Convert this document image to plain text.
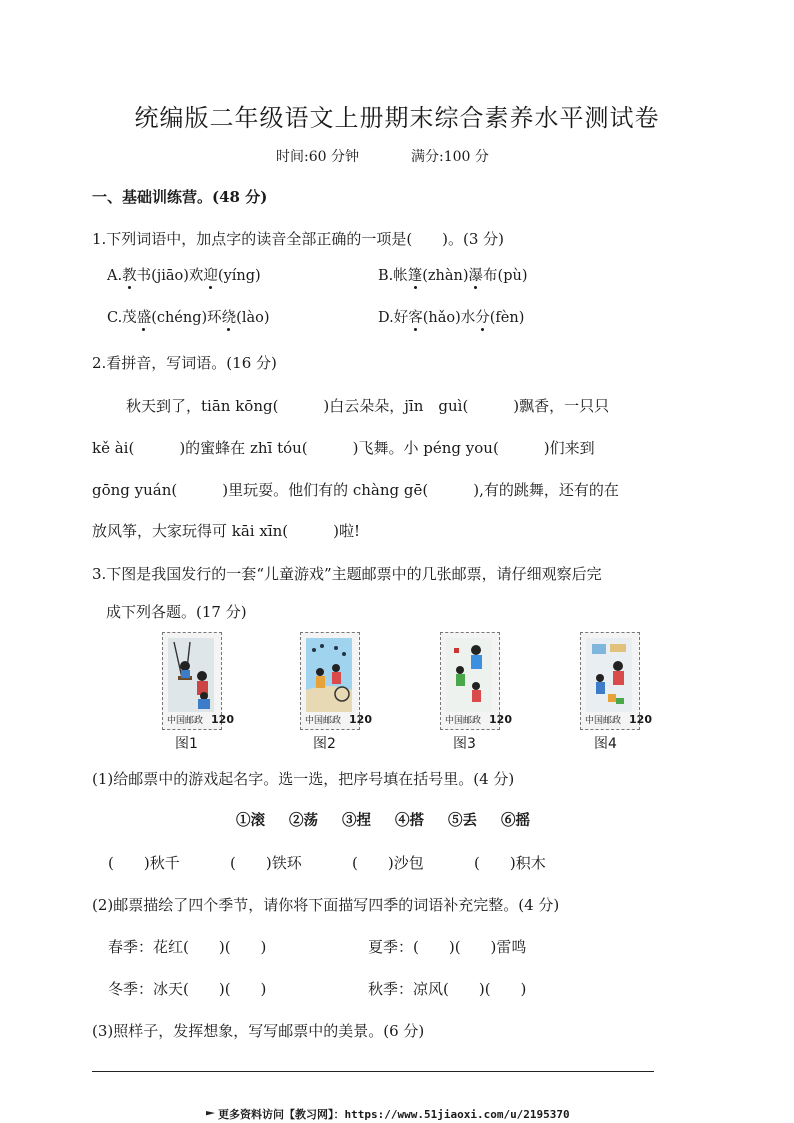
统编版二年级语文上册期末综合素养水平测试卷
时间:60 分钟	满分:100 分
一、基础训练营。(48 分)
1.下列词语中，加点字的读音全部正确的一项是(　　)。(3 分)
A.教书(jiāo)欢迎(yíng)	B.帐篷(zhàn)瀑布(pù)
C.茂盛(chéng)环绕(lào)	D.好客(hǎo)水分(fèn)
2.看拼音，写词语。(16 分)
秋天到了，tiān kōng(　　　)白云朵朵，jīn　guì(　　　)飘香，一只只
kě ài(　　　)的蜜蜂在 zhī tóu(　　　)飞舞。小 péng you(　　　)们来到
gōng yuán(　　　)里玩耍。他们有的 chàng gē(　　　),有的跳舞，还有的在
放风筝，大家玩得可 kāi xīn(　　　)啦!
3.下图是我国发行的一套“儿童游戏”主题邮票中的几张邮票，请仔细观察后完
成下列各题。(17 分)
中国邮政 120	中国邮政 120	中国邮政 120	中国邮政 120
图1	图2	图3	图4
(1)给邮票中的游戏起名字。选一选，把序号填在括号里。(4 分)
①滚 ②荡 ③捏 ④搭 ⑤丢 ⑥摇
(　　)秋千	(　　)铁环	(　　)沙包	(　　)积木
(2)邮票描绘了四个季节，请你将下面描写四季的词语补充完整。(4 分)
春季：花红(　　)(　　)	夏季：(　　)(　　)雷鸣
冬季：冰天(　　)(　　)	秋季：凉风(　　)(　　)
(3)照样子，发挥想象，写写邮票中的美景。(6 分)
更多资料访问【教习网】：https://www.51jiaoxi.com/u/2195370
